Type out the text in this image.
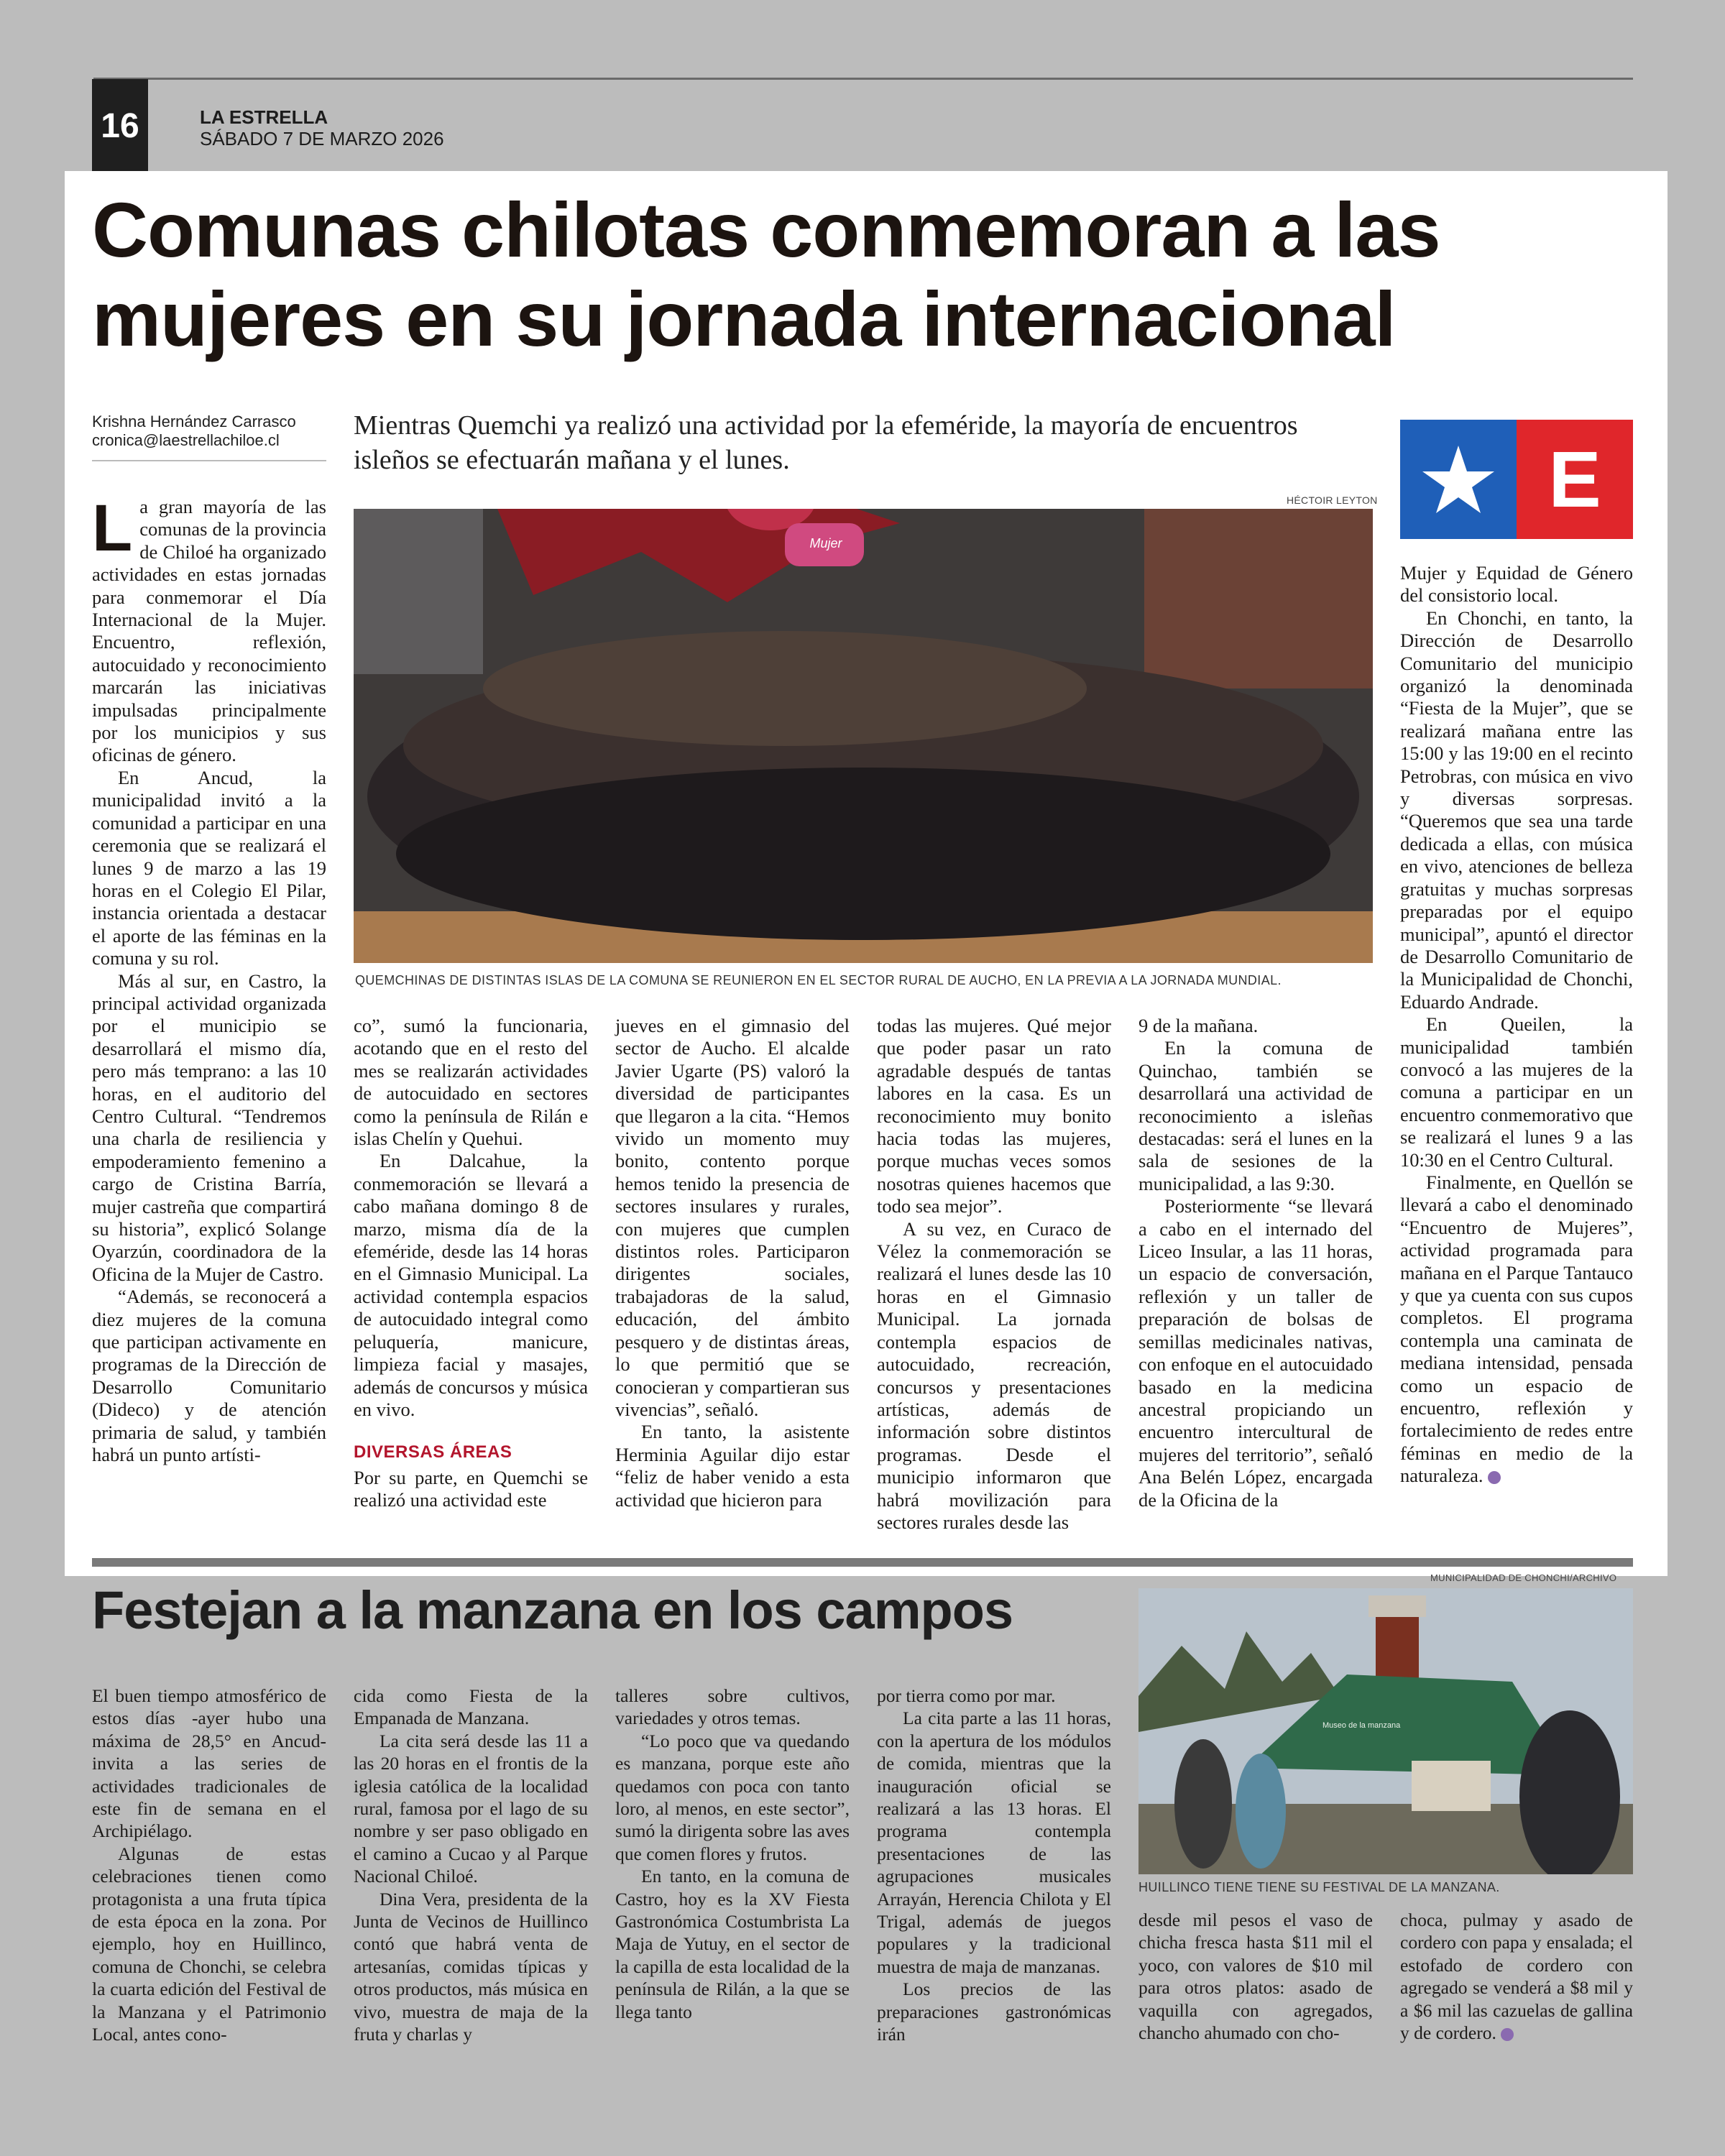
16	LA ESTRELLA
SÁBADO 7 DE MARZO 2026
Comunas chilotas conmemoran a las mujeres en su jornada internacional
Krishna Hernández Carrasco
cronica@laestrellachiloe.cl	Mientras Quemchi ya realizó una actividad por la efeméride, la mayoría de encuentros isleños se efectuarán mañana y el lunes.	E
HÉCTOIR LEYTON
Mujer
QUEMCHINAS DE DISTINTAS ISLAS DE LA COMUNA SE REUNIERON EN EL SECTOR RURAL DE AUCHO, EN LA PREVIA A LA JORNADA MUNDIAL.
L a gran mayoría de las comunas de la provincia de Chiloé ha organizado actividades en estas jornadas para conmemorar el Día Internacional de la Mujer. Encuentro, reflexión, autocuidado y reconocimiento marcarán las iniciativas impulsadas principalmente por los municipios y sus oficinas de género.

En Ancud, la municipalidad invitó a la comunidad a participar en una ceremonia que se realizará el lunes 9 de marzo a las 19 horas en el Colegio El Pilar, instancia orientada a destacar el aporte de las féminas en la comuna y su rol.

Más al sur, en Castro, la principal actividad organizada por el municipio se desarrollará el mismo día, pero más temprano: a las 10 horas, en el auditorio del Centro Cultural. “Tendremos una charla de resiliencia y empoderamiento femenino a cargo de Cristina Barría, mujer castreña que compartirá su historia”, explicó Solange Oyarzún, coordinadora de la Oficina de la Mujer de Castro.

“Además, se reconocerá a diez mujeres de la comuna que participan activamente en programas de la Dirección de Desarrollo Comunitario (Dideco) y de atención primaria de salud, y también habrá un punto artísti-

co”, sumó la funcionaria, acotando que en el resto del mes se realizarán actividades de autocuidado en sectores como la península de Rilán e islas Chelín y Quehui.

En Dalcahue, la conmemoración se llevará a cabo mañana domingo 8 de marzo, misma día de la efeméride, desde las 14 horas en el Gimnasio Municipal. La actividad contempla espacios de autocuidado integral como peluquería, manicure, limpieza facial y masajes, además de concursos y música en vivo.

DIVERSAS ÁREAS

Por su parte, en Quemchi se realizó una actividad este

jueves en el gimnasio del sector de Aucho. El alcalde Javier Ugarte (PS) valoró la diversidad de participantes que llegaron a la cita. “Hemos vivido un momento muy bonito, contento porque hemos tenido la presencia de sectores insulares y rurales, con mujeres que cumplen distintos roles. Participaron dirigentes sociales, trabajadoras de la salud, educación, del ámbito pesquero y de distintas áreas, lo que permitió que se conocieran y compartieran sus vivencias”, señaló.

En tanto, la asistente Herminia Aguilar dijo estar “feliz de haber venido a esta actividad que hicieron para

todas las mujeres. Qué mejor que poder pasar un rato agradable después de tantas labores en la casa. Es un reconocimiento muy bonito hacia todas las mujeres, porque muchas veces somos nosotras quienes hacemos que todo sea mejor”.

A su vez, en Curaco de Vélez la conmemoración se realizará el lunes desde las 10 horas en el Gimnasio Municipal. La jornada contempla espacios de autocuidado, recreación, concursos y presentaciones artísticas, además de información sobre distintos programas. Desde el municipio informaron que habrá movilización para sectores rurales desde las

9 de la mañana.

En la comuna de Quinchao, también se desarrollará una actividad de reconocimiento a isleñas destacadas: será el lunes en la sala de sesiones de la municipalidad, a las 9:30.

Posteriormente “se llevará a cabo en el internado del Liceo Insular, a las 11 horas, un espacio de conversación, reflexión y un taller de preparación de bolsas de semillas medicinales nativas, con enfoque en el autocuidado basado en la medicina ancestral propiciando un encuentro intercultural de mujeres del territorio”, señaló Ana Belén López, encargada de la Oficina de la

Mujer y Equidad de Género del consistorio local.

En Chonchi, en tanto, la Dirección de Desarrollo Comunitario del municipio organizó la denominada “Fiesta de la Mujer”, que se realizará mañana entre las 15:00 y las 19:00 en el recinto Petrobras, con música en vivo y diversas sorpresas. “Queremos que sea una tarde dedicada a ellas, con música en vivo, atenciones de belleza gratuitas y muchas sorpresas preparadas por el equipo municipal”, apuntó el director de Desarrollo Comunitario de la Municipalidad de Chonchi, Eduardo Andrade.

En Queilen, la municipalidad también convocó a las mujeres de la comuna a participar en un encuentro conmemorativo que se realizará el lunes 9 a las 10:30 en el Centro Cultural.

Finalmente, en Quellón se llevará a cabo el denominado “Encuentro de Mujeres”, actividad programada para mañana en el Parque Tantauco y que ya cuenta con sus cupos completos. El programa contempla una caminata de mediana intensidad, pensada como un espacio de encuentro, reflexión y fortalecimiento de redes entre féminas en medio de la naturaleza.

Festejan a la manzana en los campos
MUNICIPALIDAD DE CHONCHI/ARCHIVO
Museo de la manzana
HUILLINCO TIENE TIENE SU FESTIVAL DE LA MANZANA.

El buen tiempo atmosférico de estos días -ayer hubo una máxima de 28,5° en Ancud- invita a las series de actividades tradicionales de este fin de semana en el Archipiélago.

Algunas de estas celebraciones tienen como protagonista a una fruta típica de esta época en la zona. Por ejemplo, hoy en Huillinco, comuna de Chonchi, se celebra la cuarta edición del Festival de la Manzana y el Patrimonio Local, antes cono-

cida como Fiesta de la Empanada de Manzana.

La cita será desde las 11 a las 20 horas en el frontis de la iglesia católica de la localidad rural, famosa por el lago de su nombre y ser paso obligado en el camino a Cucao y al Parque Nacional Chiloé.

Dina Vera, presidenta de la Junta de Vecinos de Huillinco contó que habrá venta de artesanías, comidas típicas y otros productos, más música en vivo, muestra de maja de la fruta y charlas y

talleres sobre cultivos, variedades y otros temas.

“Lo poco que va quedando es manzana, porque este año quedamos con poca con tanto loro, al menos, en este sector”, sumó la dirigenta sobre las aves que comen flores y frutos.

En tanto, en la comuna de Castro, hoy es la XV Fiesta Gastronómica Costumbrista La Maja de Yutuy, en el sector de la capilla de esta localidad de la península de Rilán, a la que se llega tanto

por tierra como por mar.

La cita parte a las 11 horas, con la apertura de los módulos de comida, mientras que la inauguración oficial se realizará a las 13 horas. El programa contempla presentaciones de las agrupaciones musicales Arrayán, Herencia Chilota y El Trigal, además de juegos populares y la tradicional muestra de maja de manzanas.

Los precios de las preparaciones gastronómicas irán

desde mil pesos el vaso de chicha fresca hasta $11 mil el yoco, con valores de $10 mil para otros platos: asado de vaquilla con agregados, chancho ahumado con cho-

choca, pulmay y asado de cordero con papa y ensalada; el estofado de cordero con agregado se venderá a $8 mil y a $6 mil las cazuelas de gallina y de cordero.
